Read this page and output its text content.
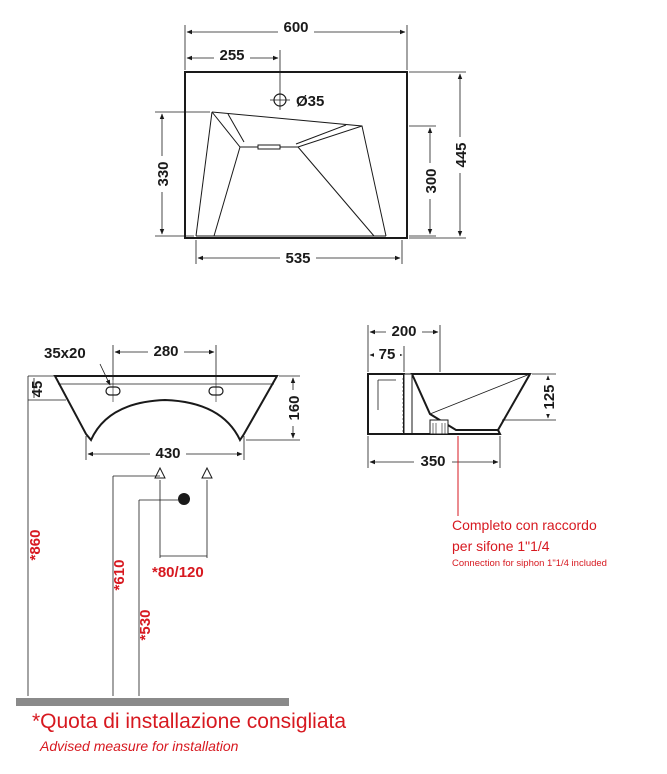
600
255
Ø35
445
330	300
535
35x20	280
45
160
430
200
75
125
350
Completo con raccordo
per sifone 1"1/4
Connection for siphon 1"1/4 included
*860
*610
*530
*80/120
*Quota di installazione consigliata
Advised measure for installation
